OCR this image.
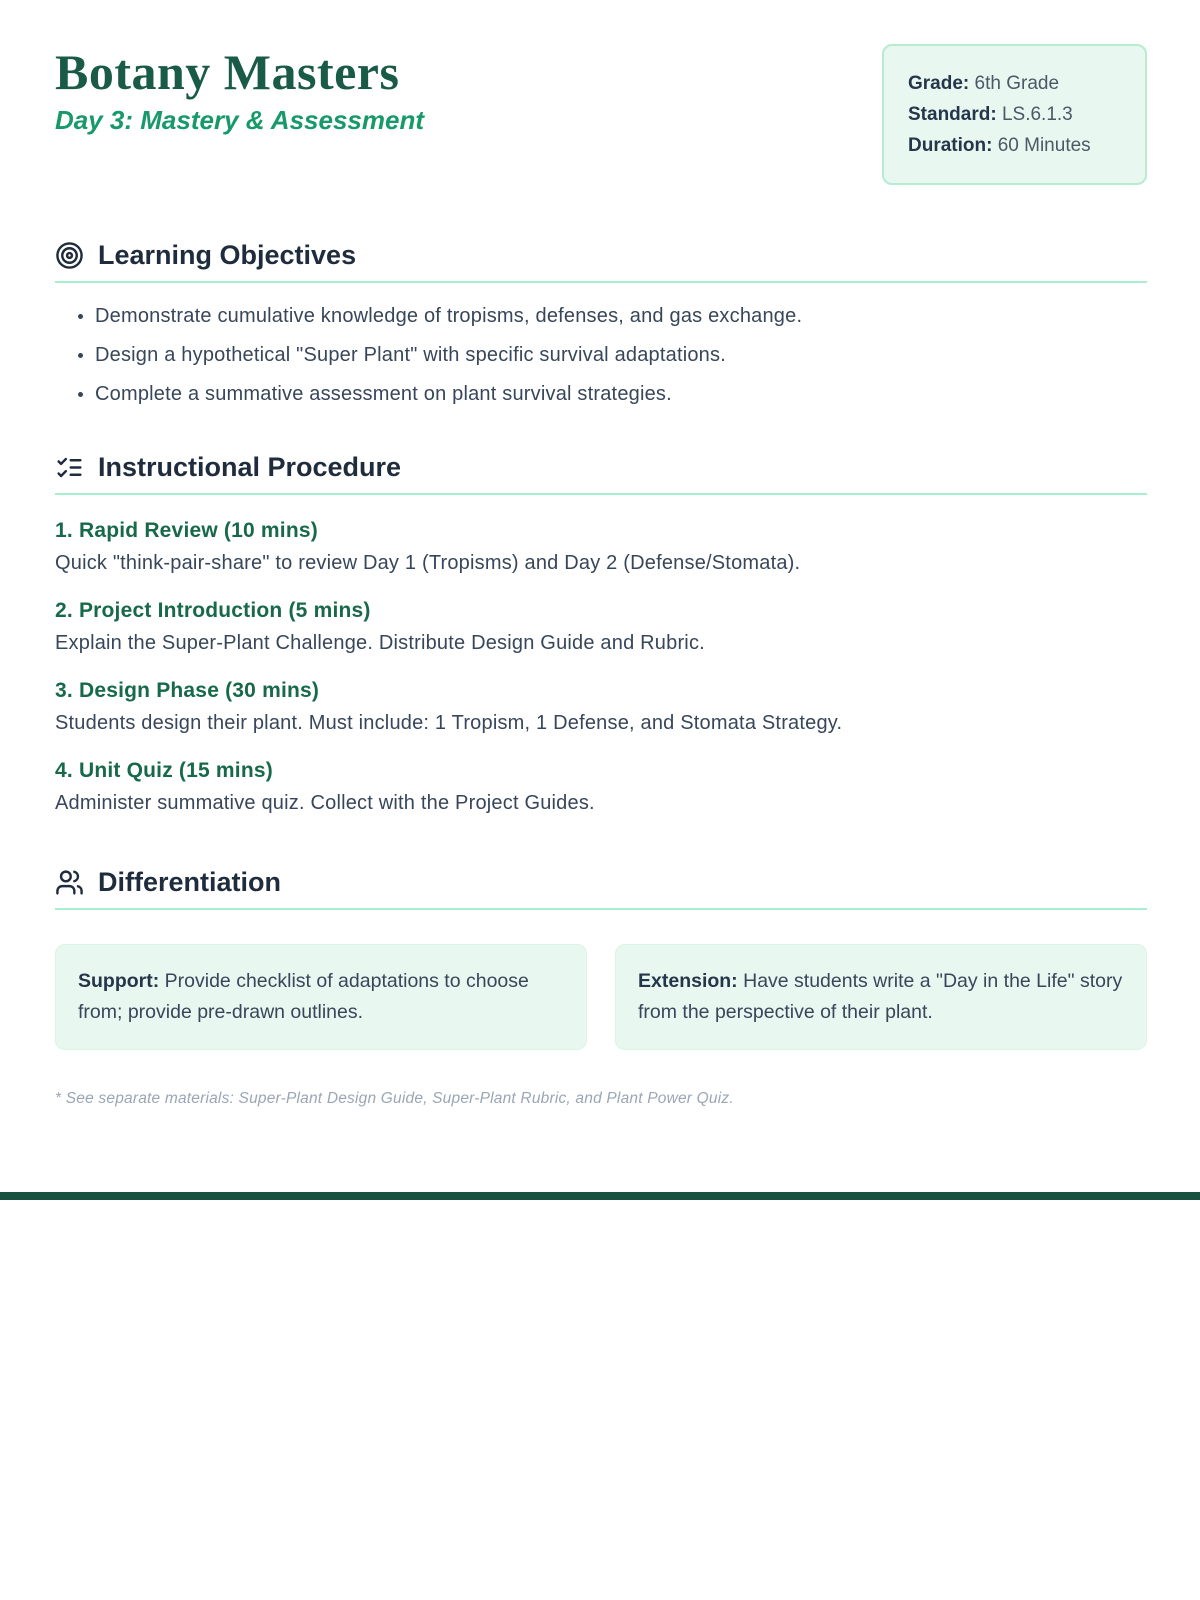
Botany Masters
Day 3: Mastery & Assessment
Grade: 6th Grade
Standard: LS.6.1.3
Duration: 60 Minutes
Learning Objectives
• Demonstrate cumulative knowledge of tropisms, defenses, and gas exchange.
• Design a hypothetical "Super Plant" with specific survival adaptations.
• Complete a summative assessment on plant survival strategies.
Instructional Procedure
1. Rapid Review (10 mins)
Quick "think-pair-share" to review Day 1 (Tropisms) and Day 2 (Defense/Stomata).
2. Project Introduction (5 mins)
Explain the Super-Plant Challenge. Distribute Design Guide and Rubric.
3. Design Phase (30 mins)
Students design their plant. Must include: 1 Tropism, 1 Defense, and Stomata Strategy.
4. Unit Quiz (15 mins)
Administer summative quiz. Collect with the Project Guides.
Differentiation
Support: Provide checklist of adaptations to choose from; provide pre-drawn outlines.
Extension: Have students write a "Day in the Life" story from the perspective of their plant.
* See separate materials: Super-Plant Design Guide, Super-Plant Rubric, and Plant Power Quiz.
